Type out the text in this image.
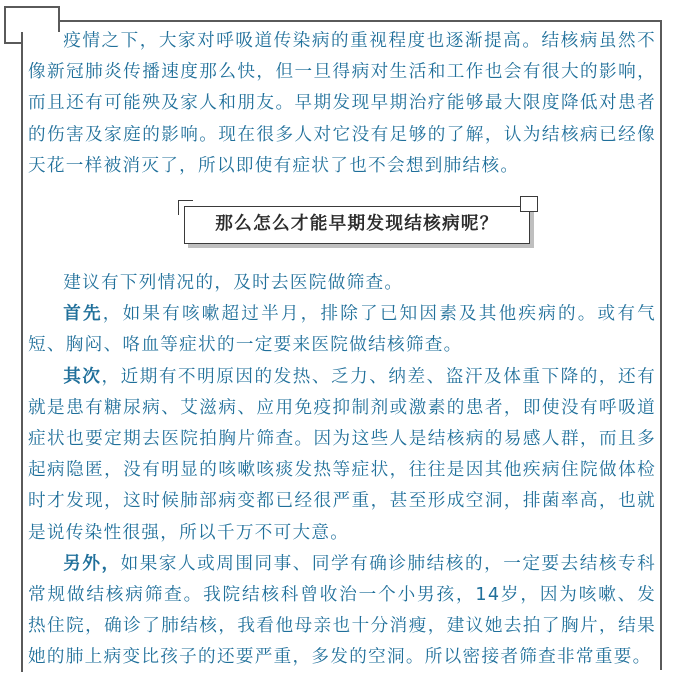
疫情之下，大家对呼吸道传染病的重视程度也逐渐提高。结核病虽然不像新冠肺炎传播速度那么快，但一旦得病对生活和工作也会有很大的影响，而且还有可能殃及家人和朋友。早期发现早期治疗能够最大限度降低对患者的伤害及家庭的影响。现在很多人对它没有足够的了解，认为结核病已经像天花一样被消灭了，所以即使有症状了也不会想到肺结核。

那么怎么才能早期发现结核病呢？

建议有下列情况的，及时去医院做筛查。

首先，如果有咳嗽超过半月，排除了已知因素及其他疾病的。或有气短、胸闷、咯血等症状的一定要来医院做结核筛查。

其次，近期有不明原因的发热、乏力、纳差、盗汗及体重下降的，还有就是患有糖尿病、艾滋病、应用免疫抑制剂或激素的患者，即使没有呼吸道症状也要定期去医院拍胸片筛查。因为这些人是结核病的易感人群，而且多起病隐匿，没有明显的咳嗽咳痰发热等症状，往往是因其他疾病住院做体检时才发现，这时候肺部病变都已经很严重，甚至形成空洞，排菌率高，也就是说传染性很强，所以千万不可大意。

另外，如果家人或周围同事、同学有确诊肺结核的，一定要去结核专科常规做结核病筛查。我院结核科曾收治一个小男孩，14岁，因为咳嗽、发热住院，确诊了肺结核，我看他母亲也十分消瘦，建议她去拍了胸片，结果她的肺上病变比孩子的还要严重，多发的空洞。所以密接者筛查非常重要。
